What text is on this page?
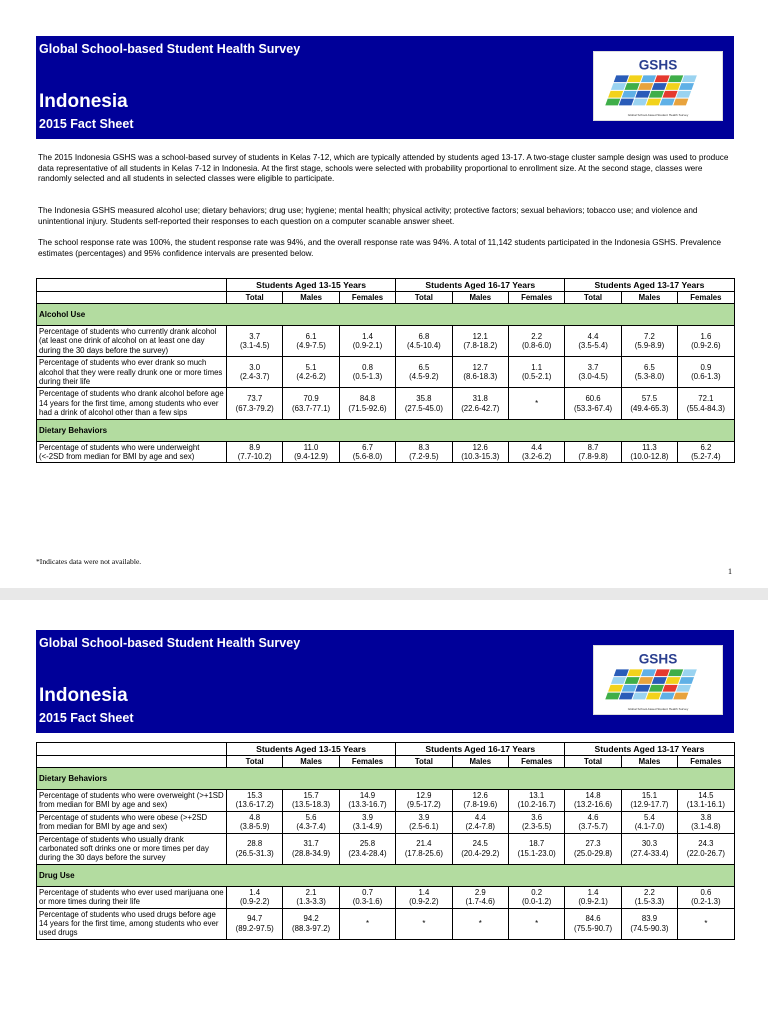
Global School-based Student Health Survey
Indonesia
2015 Fact Sheet
GSHS
Global School-based Student Health Survey

The 2015 Indonesia GSHS was a school-based survey of students in Kelas 7-12, which are typically attended by students aged 13-17. A two-stage cluster sample design was used to produce data representative of all students in Kelas 7-12 in Indonesia. At the first stage, schools were selected with probability proportional to enrollment size. At the second stage, classes were randomly selected and all students in selected classes were eligible to participate.

The Indonesia GSHS measured alcohol use; dietary behaviors; drug use; hygiene; mental health; physical activity; protective factors; sexual behaviors; tobacco use; and violence and unintentional injury. Students self-reported their responses to each question on a computer scanable answer sheet.

The school response rate was 100%, the student response rate was 94%, and the overall response rate was 94%. A total of 11,142 students participated in the Indonesia GSHS. Prevalence estimates (percentages) and 95% confidence intervals are presented below.

	Students Aged 13-15 Years			Students Aged 16-17 Years			Students Aged 13-17 Years		
	Total	Males	Females	Total	Males	Females	Total	Males	Females
Alcohol Use									
Percentage of students who currently drank alcohol (at least one drink of alcohol on at least one day during the 30 days before the survey)	3.7
(3.1-4.5)	6.1
(4.9-7.5)	1.4
(0.9-2.1)	6.8
(4.5-10.4)	12.1
(7.8-18.2)	2.2
(0.8-6.0)	4.4
(3.5-5.4)	7.2
(5.9-8.9)	1.6
(0.9-2.6)

Percentage of students who ever drank so much alcohol that they were really drunk one or more times during their life	3.0
(2.4-3.7)	5.1
(4.2-6.2)	0.8
(0.5-1.3)	6.5
(4.5-9.2)	12.7
(8.6-18.3)	1.1
(0.5-2.1)	3.7
(3.0-4.5)	6.5
(5.3-8.0)	0.9
(0.6-1.3)

Percentage of students who drank alcohol before age 14 years for the first time, among students who ever had a drink of alcohol other than a few sips	73.7
(67.3-79.2)	70.9
(63.7-77.1)	84.8
(71.5-92.6)	35.8
(27.5-45.0)	31.8
(22.6-42.7)	*	60.6
(53.3-67.4)	57.5
(49.4-65.3)	72.1
(55.4-84.3)

Dietary Behaviors									
Percentage of students who were underweight (<-2SD from median for BMI by age and sex)	8.9
(7.7-10.2)	11.0
(9.4-12.9)	6.7
(5.6-8.0)	8.3
(7.2-9.5)	12.6
(10.3-15.3)	4.4
(3.2-6.2)	8.7
(7.8-9.8)	11.3
(10.0-12.8)	6.2
(5.2-7.4)
*Indicates data were not available.
1
Global School-based Student Health Survey
Indonesia
2015 Fact Sheet
GSHS
Global School-based Student Health Survey
	Students Aged 13-15 Years			Students Aged 16-17 Years			Students Aged 13-17 Years		
	Total	Males	Females	Total	Males	Females	Total	Males	Females
Dietary Behaviors									
Percentage of students who were overweight (>+1SD from median for BMI by age and sex)	15.3
(13.6-17.2)	15.7
(13.5-18.3)	14.9
(13.3-16.7)	12.9
(9.5-17.2)	12.6
(7.8-19.6)	13.1
(10.2-16.7)	14.8
(13.2-16.6)	15.1
(12.9-17.7)	14.5
(13.1-16.1)

Percentage of students who were obese (>+2SD from median for BMI by age and sex)	4.8
(3.8-5.9)	5.6
(4.3-7.4)	3.9
(3.1-4.9)	3.9
(2.5-6.1)	4.4
(2.4-7.8)	3.6
(2.3-5.5)	4.6
(3.7-5.7)	5.4
(4.1-7.0)	3.8
(3.1-4.8)

Percentage of students who usually drank carbonated soft drinks one or more times per day during the 30 days before the survey	28.8
(26.5-31.3)	31.7
(28.8-34.9)	25.8
(23.4-28.4)	21.4
(17.8-25.6)	24.5
(20.4-29.2)	18.7
(15.1-23.0)	27.3
(25.0-29.8)	30.3
(27.4-33.4)	24.3
(22.0-26.7)

Drug Use									
Percentage of students who ever used marijuana one or more times during their life	1.4
(0.9-2.2)	2.1
(1.3-3.3)	0.7
(0.3-1.6)	1.4
(0.9-2.2)	2.9
(1.7-4.6)	0.2
(0.0-1.2)	1.4
(0.9-2.1)	2.2
(1.5-3.3)	0.6
(0.2-1.3)

Percentage of students who used drugs before age 14 years for the first time, among students who ever used drugs	94.7
(89.2-97.5)	94.2
(88.3-97.2)	*	*	*	*	84.6
(75.5-90.7)	83.9
(74.5-90.3)	*
